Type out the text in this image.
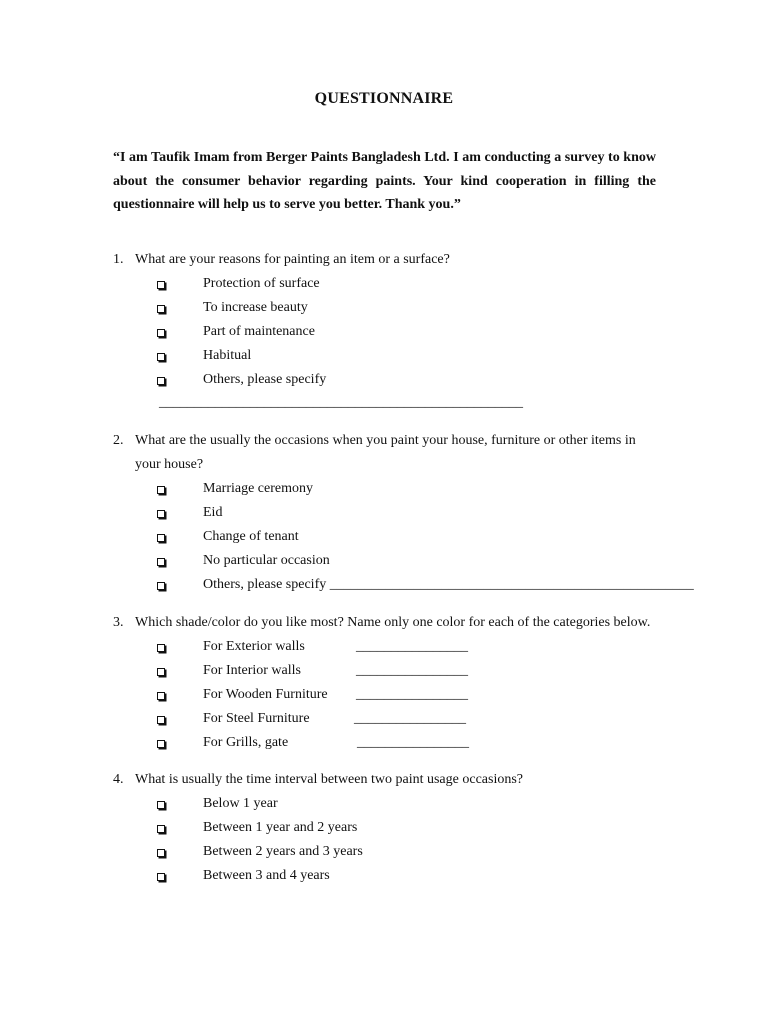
QUESTIONNAIRE
“I am Taufik Imam from Berger Paints Bangladesh Ltd. I am conducting a survey to know about the consumer behavior regarding paints. Your kind cooperation in filling the questionnaire will help us to serve you better. Thank you.”
1. What are your reasons for painting an item or a surface?
Protection of surface
To increase beauty
Part of maintenance
Habitual
Others, please specify
____________________________________________________
2. What are the usually the occasions when you paint your house, furniture or other items in
your house?
Marriage ceremony
Eid
Change of tenant
No particular occasion
Others, please specify ____________________________________________________
3. Which shade/color do you like most? Name only one color for each of the categories below.
For Exterior walls	________________
For Interior walls	________________
For Wooden Furniture ________________
For Steel Furniture	________________
For Grills, gate	________________
4. What is usually the time interval between two paint usage occasions?
Below 1 year
Between 1 year and 2 years
Between 2 years and 3 years
Between 3 and 4 years
